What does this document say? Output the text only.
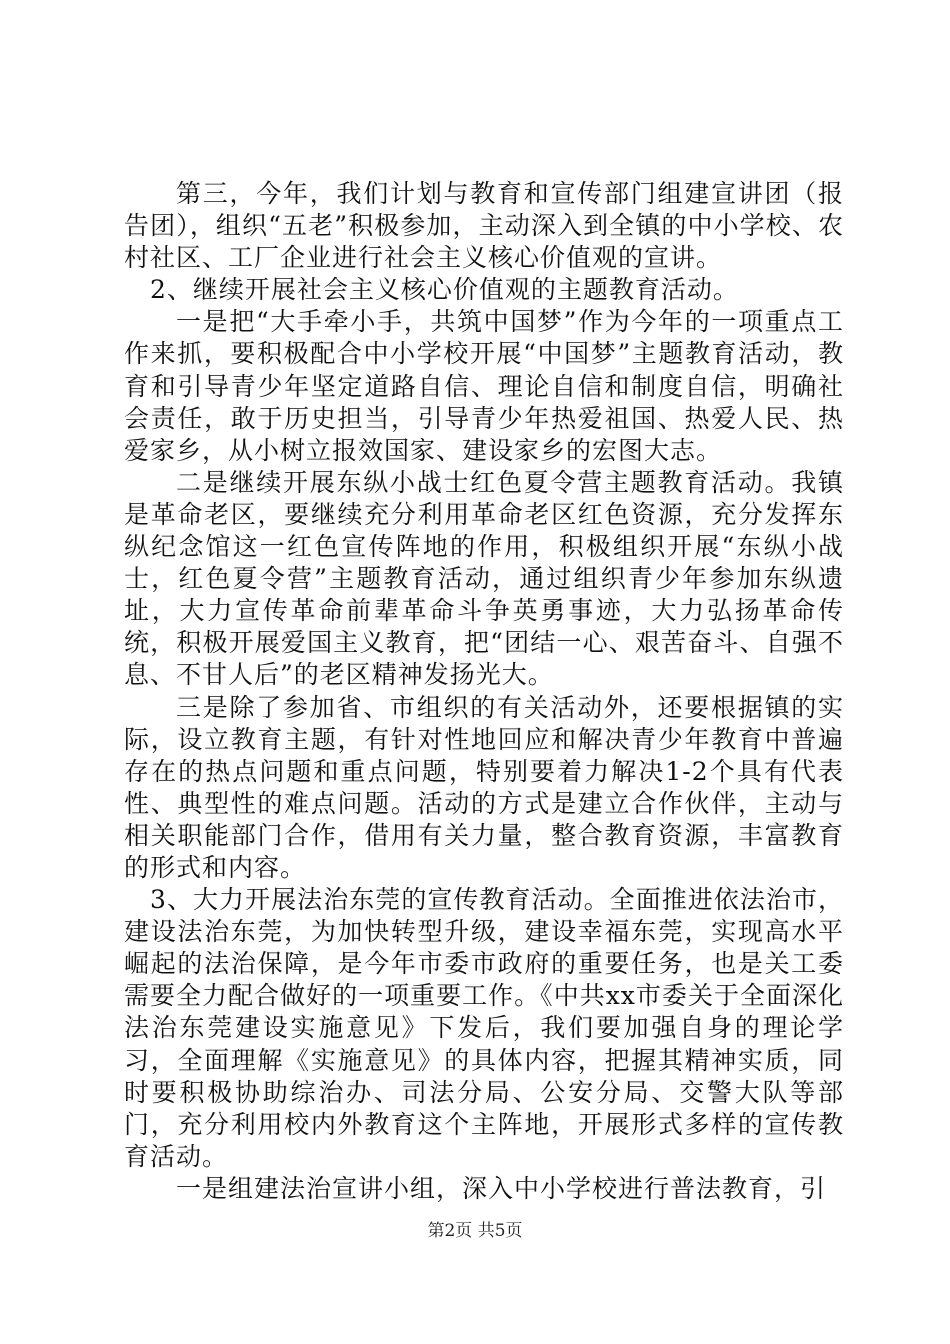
第三，今年，我们计划与教育和宣传部门组建宣讲团（报告团），组织“五老”积极参加，主动深入到全镇的中小学校、农村社区、工厂企业进行社会主义核心价值观的宣讲。

2、继续开展社会主义核心价值观的主题教育活动。

一是把“大手牵小手，共筑中国梦”作为今年的一项重点工作来抓，要积极配合中小学校开展“中国梦”主题教育活动，教育和引导青少年坚定道路自信、理论自信和制度自信，明确社会责任，敢于历史担当，引导青少年热爱祖国、热爱人民、热爱家乡，从小树立报效国家、建设家乡的宏图大志。

二是继续开展东纵小战士红色夏令营主题教育活动。我镇是革命老区，要继续充分利用革命老区红色资源，充分发挥东纵纪念馆这一红色宣传阵地的作用，积极组织开展“东纵小战士，红色夏令营”主题教育活动，通过组织青少年参加东纵遗址，大力宣传革命前辈革命斗争英勇事迹，大力弘扬革命传统，积极开展爱国主义教育，把“团结一心、艰苦奋斗、自强不息、不甘人后”的老区精神发扬光大。

三是除了参加省、市组织的有关活动外，还要根据镇的实际，设立教育主题，有针对性地回应和解决青少年教育中普遍存在的热点问题和重点问题，特别要着力解决1-2个具有代表性、典型性的难点问题。活动的方式是建立合作伙伴，主动与相关职能部门合作，借用有关力量，整合教育资源，丰富教育的形式和内容。

3、大力开展法治东莞的宣传教育活动。全面推进依法治市，建设法治东莞，为加快转型升级，建设幸福东莞，实现高水平崛起的法治保障，是今年市委市政府的重要任务，也是关工委需要全力配合做好的一项重要工作。《中共xx市委关于全面深化法治东莞建设实施意见》下发后，我们要加强自身的理论学习，全面理解《实施意见》的具体内容，把握其精神实质，同时要积极协助综治办、司法分局、公安分局、交警大队等部门，充分利用校内外教育这个主阵地，开展形式多样的宣传教育活动。

一是组建法治宣讲小组，深入中小学校进行普法教育，引

第2页 共5页
